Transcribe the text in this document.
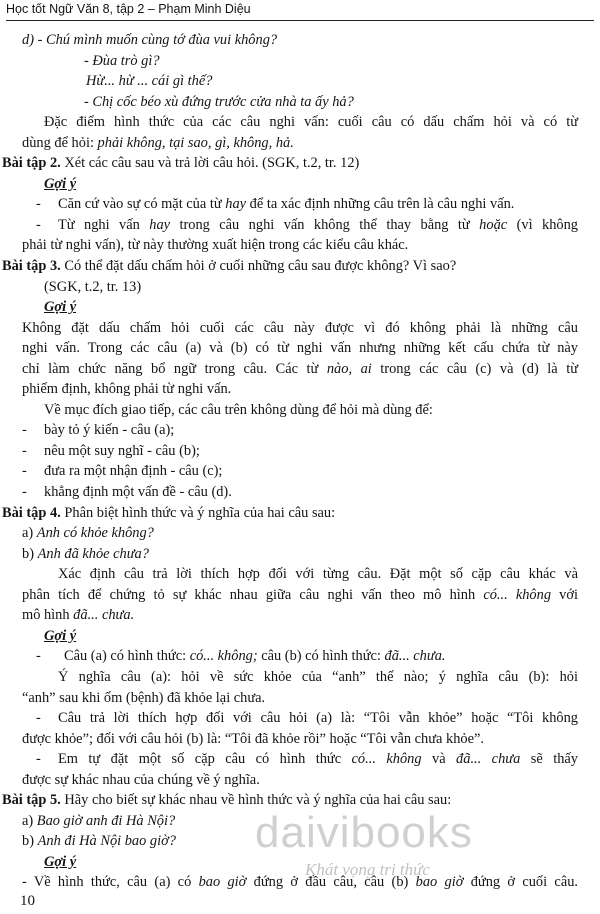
Học tốt Ngữ Văn 8, tập 2 – Phạm Minh Diệu
d) - Chú mình muốn cùng tớ đùa vui không?
- Đùa trò gì?
Hừ... hừ ... cái gì thế?
- Chị cốc béo xù đứng trước cửa nhà ta ấy hả?
Đặc điểm hình thức của các câu nghi vấn: cuối câu có dấu chấm hỏi và có từ
dùng để hỏi: phải không, tại sao, gì, không, hả.
Bài tập 2. Xét các câu sau và trả lời câu hỏi. (SGK, t.2, tr. 12)
Gợi ý
- Căn cứ vào sự có mặt của từ hay để ta xác định những câu trên là câu nghi vấn.
- Từ nghi vấn hay trong câu nghi vấn không thể thay bằng từ hoặc (vì không
phải từ nghi vấn), từ này thường xuất hiện trong các kiểu câu khác.
Bài tập 3. Có thể đặt dấu chấm hỏi ở cuối những câu sau được không? Vì sao?
(SGK, t.2, tr. 13)
Gợi ý
Không đặt dấu chấm hỏi cuối các câu này được vì đó không phải là những câu
nghi vấn. Trong các câu (a) và (b) có từ nghi vấn nhưng những kết cấu chứa từ này
chỉ làm chức năng bổ ngữ trong câu. Các từ nào, ai trong các câu (c) và (d) là từ
phiếm định, không phải từ nghi vấn.
Về mục đích giao tiếp, các câu trên không dùng để hỏi mà dùng để:
- bày tỏ ý kiến - câu (a);
- nêu một suy nghĩ - câu (b);
- đưa ra một nhận định - câu (c);
- khẳng định một vấn đề - câu (d).
Bài tập 4. Phân biệt hình thức và ý nghĩa của hai câu sau:
a) Anh có khỏe không?
b) Anh đã khỏe chưa?
Xác định câu trả lời thích hợp đối với từng câu. Đặt một số cặp câu khác và
phân tích để chứng tỏ sự khác nhau giữa câu nghi vấn theo mô hình có... không với
mô hình đã... chưa.
Gợi ý
- Câu (a) có hình thức: có... không; câu (b) có hình thức: đã... chưa.
Ý nghĩa câu (a): hỏi về sức khỏe của “anh” thế nào; ý nghĩa câu (b): hỏi
“anh” sau khi ốm (bệnh) đã khỏe lại chưa.
- Câu trả lời thích hợp đối với câu hỏi (a) là: “Tôi vẫn khỏe” hoặc “Tôi không
được khỏe”; đối với câu hỏi (b) là: “Tôi đã khỏe rồi” hoặc “Tôi vẫn chưa khỏe”.
- Em tự đặt một số cặp câu có hình thức có... không và đã... chưa sẽ thấy
được sự khác nhau của chúng về ý nghĩa.
Bài tập 5. Hãy cho biết sự khác nhau về hình thức và ý nghĩa của hai câu sau:
a) Bao giờ anh đi Hà Nội?
b) Anh đi Hà Nội bao giờ?
Gợi ý
- Về hình thức, câu (a) có bao giờ đứng ở đầu câu, câu (b) bao giờ đứng ở cuối câu.
daivibooks
Khát vọng tri thức
10
